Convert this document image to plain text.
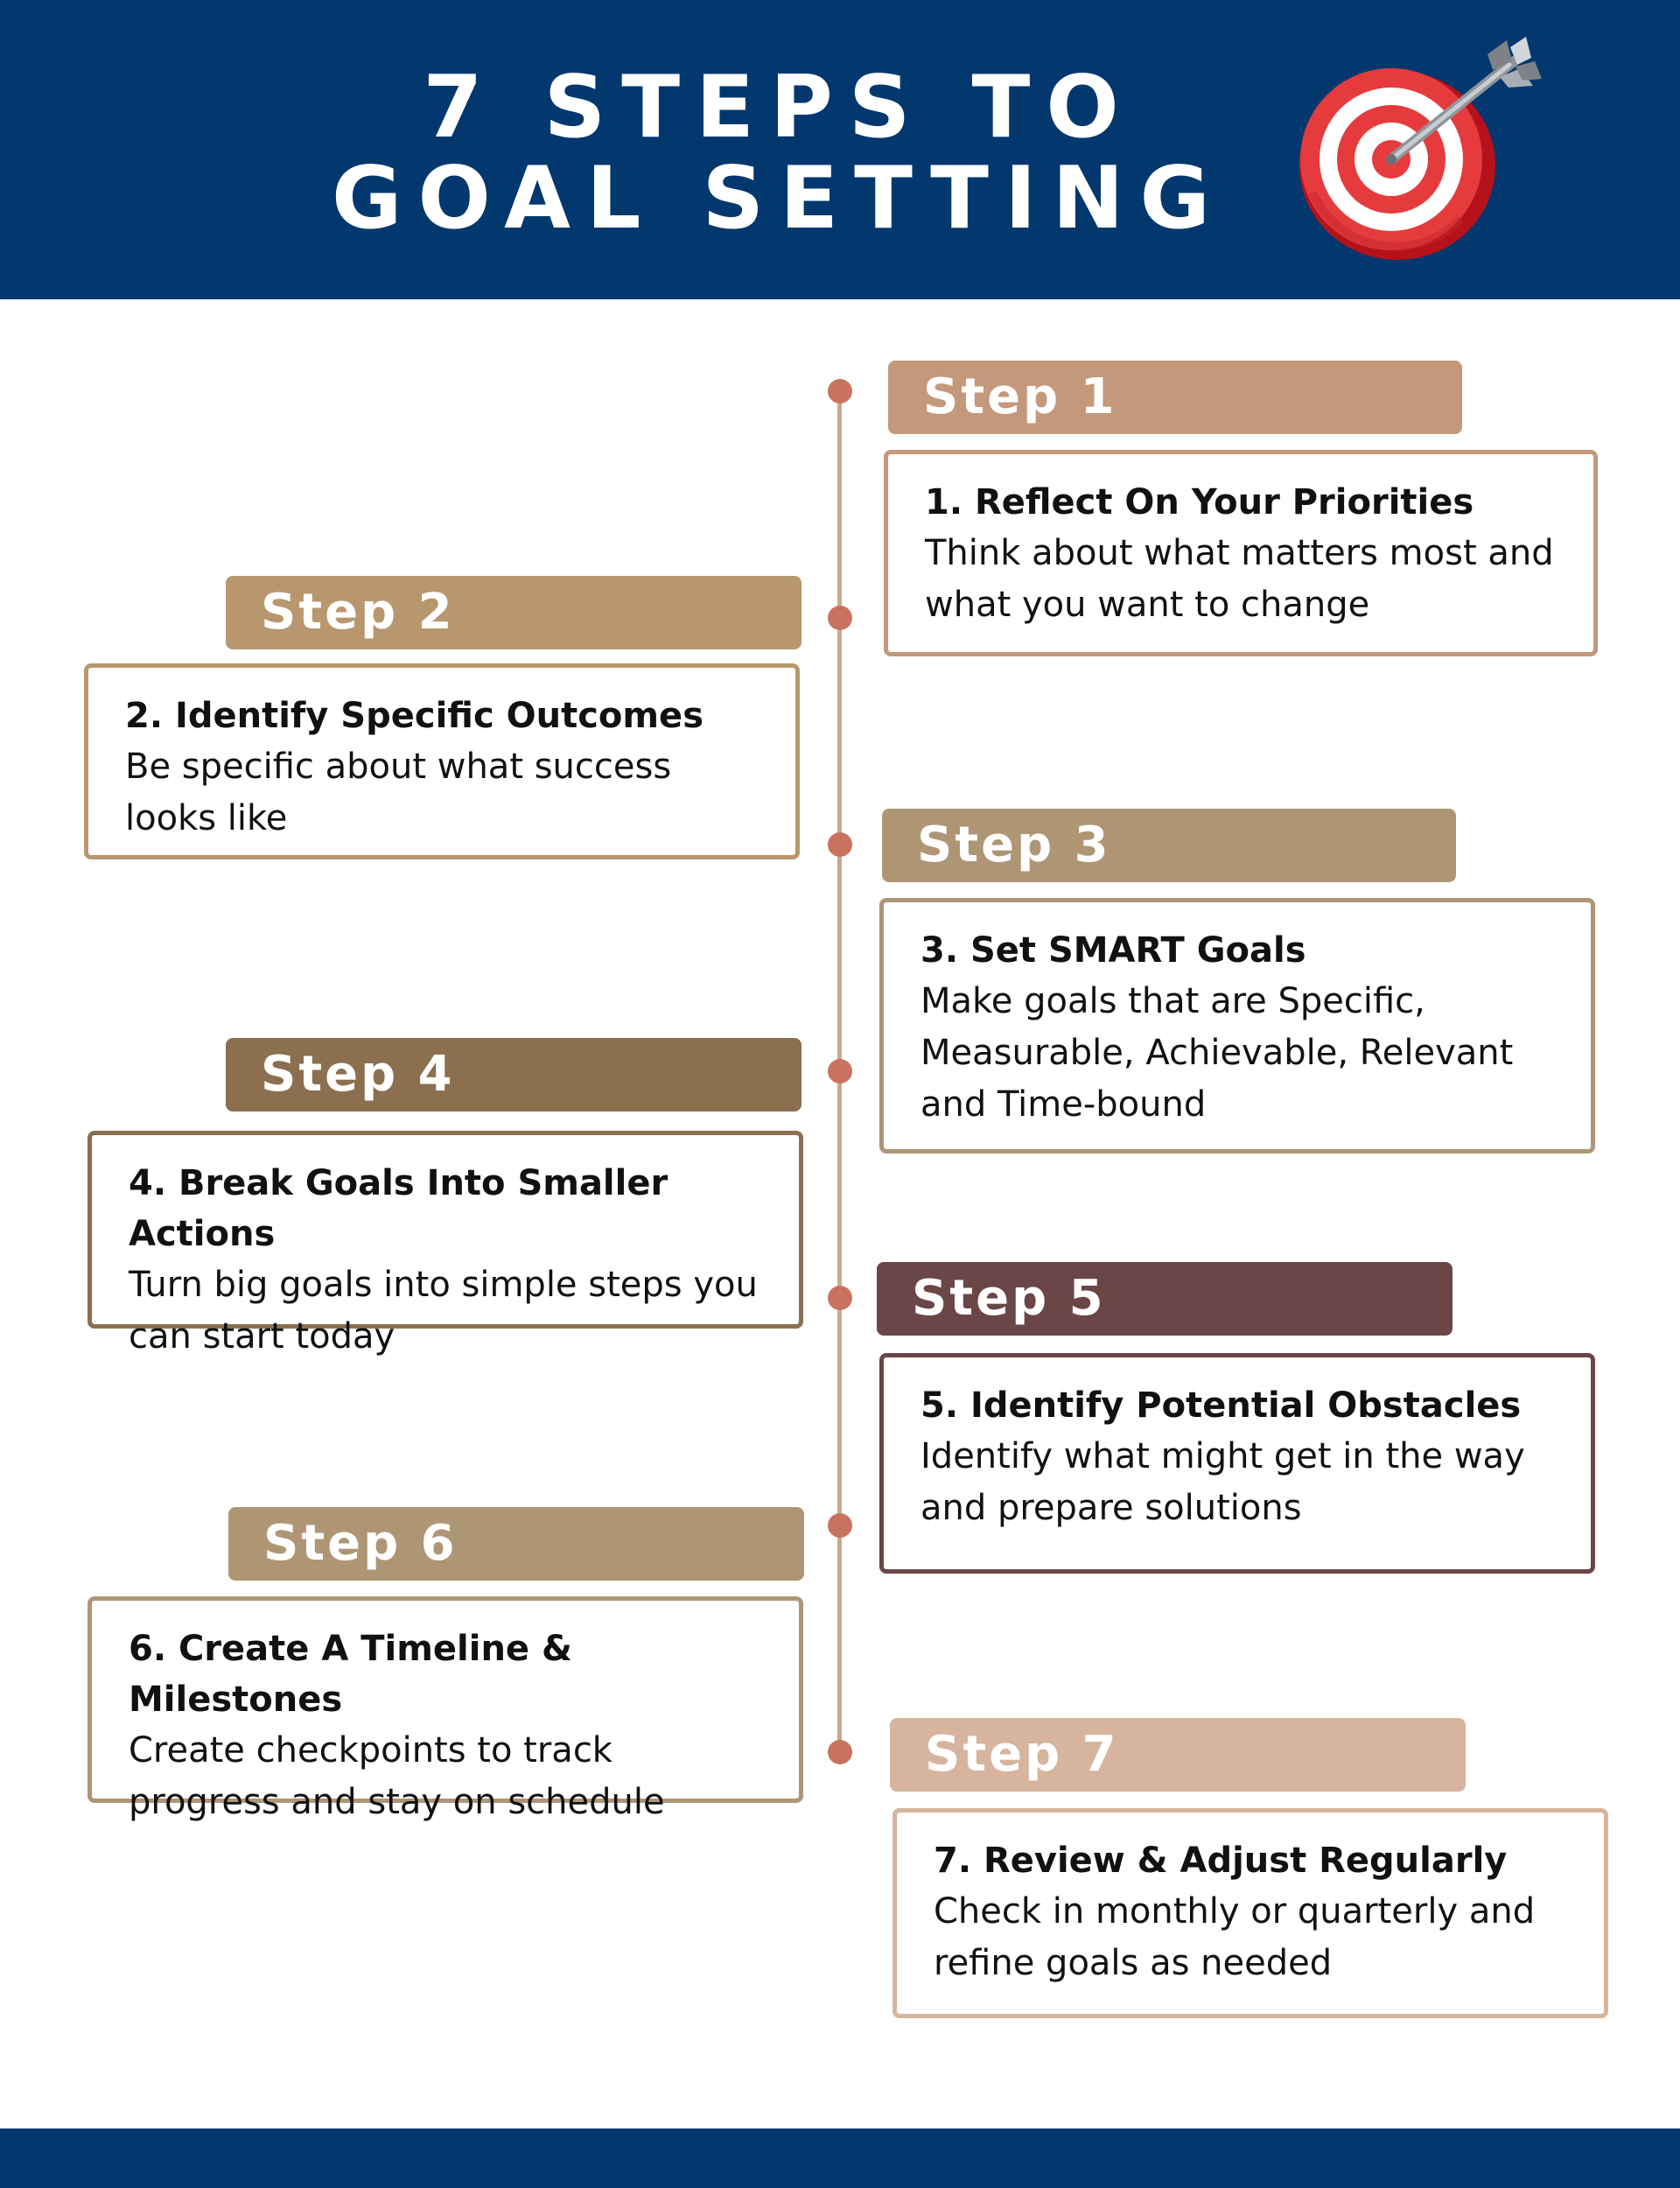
7 STEPS TO
GOAL SETTING
Step 1

1. Reflect On Your Priorities

Think about what matters most and

what you want to change

Step 2

2. Identify Specific Outcomes

Be specific about what success

looks like	Step 3

3. Set SMART Goals

Make goals that are Specific,

Measurable, Achievable, Relevant

and Time-bound

Step 4

4. Break Goals Into Smaller Actions

Turn big goals into simple steps you

can start today

Step 5

5. Identify Potential Obstacles

Identify what might get in the way

and prepare solutions

Step 6

6. Create A Timeline & Milestones

Create checkpoints to track

progress and stay on schedule

Step 7

7. Review & Adjust Regularly

Check in monthly or quarterly and

refine goals as needed
